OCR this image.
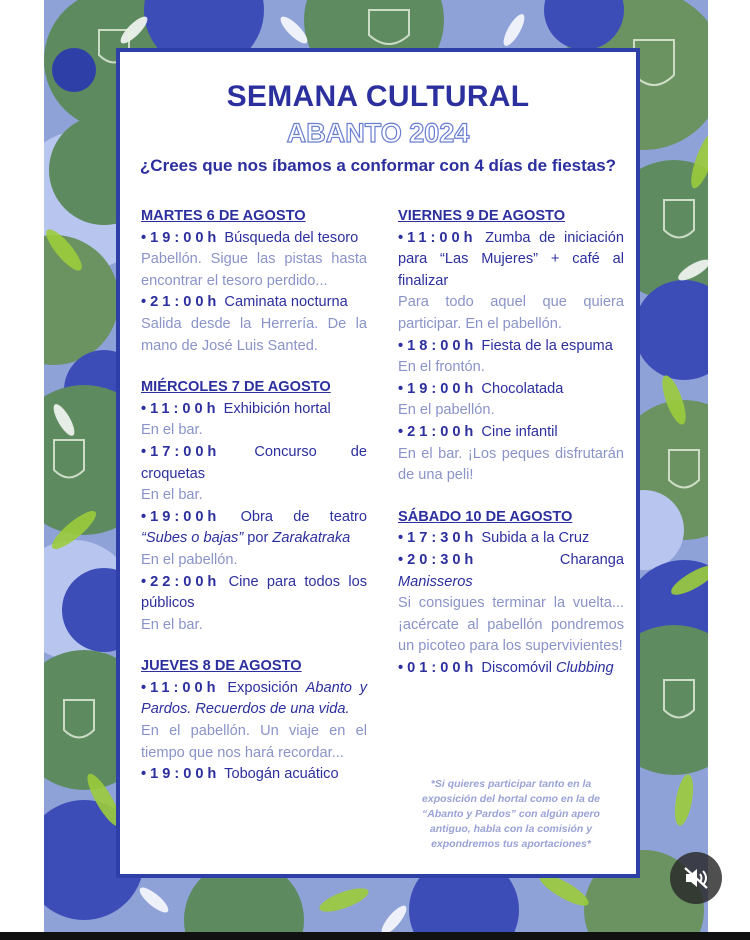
SEMANA CULTURAL
ABANTO 2024
¿Crees que nos íbamos a conformar con 4 días de fiestas?
MARTES 6 DE AGOSTO
•19:00h Búsqueda del tesoro
Pabellón. Sigue las pistas hasta encontrar el tesoro perdido...
•21:00h Caminata nocturna
Salida desde la Herrería. De la mano de José Luis Santed.
MIÉRCOLES 7 DE AGOSTO
•11:00h Exhibición hortal
En el bar.
•17:00h Concurso de croquetas
En el bar.
•19:00h Obra de teatro “Subes o bajas” por Zarakatraka
En el pabellón.
•22:00h Cine para todos los públicos
En el bar.
JUEVES 8 DE AGOSTO
•11:00h Exposición Abanto y Pardos. Recuerdos de una vida.
En el pabellón. Un viaje en el tiempo que nos hará recordar...
•19:00h Tobogán acuático
VIERNES 9 DE AGOSTO
•11:00h Zumba de iniciación para “Las Mujeres” + café al finalizar
Para todo aquel que quiera participar. En el pabellón.
•18:00h Fiesta de la espuma
En el frontón.
•19:00h Chocolatada
En el pabellón.
•21:00h Cine infantil
En el bar. ¡Los peques disfrutarán de una peli!
SÁBADO 10 DE AGOSTO
•17:30h Subida a la Cruz
•20:30h Charanga Manisseros
Si consigues terminar la vuelta... ¡acércate al pabellón pondremos un picoteo para los supervivientes!
•01:00h Discomóvil Clubbing
*Si quieres participar tanto en la exposición del hortal como en la de “Abanto y Pardos” con algún apero antiguo, habla con la comisión y expondremos tus aportaciones*
